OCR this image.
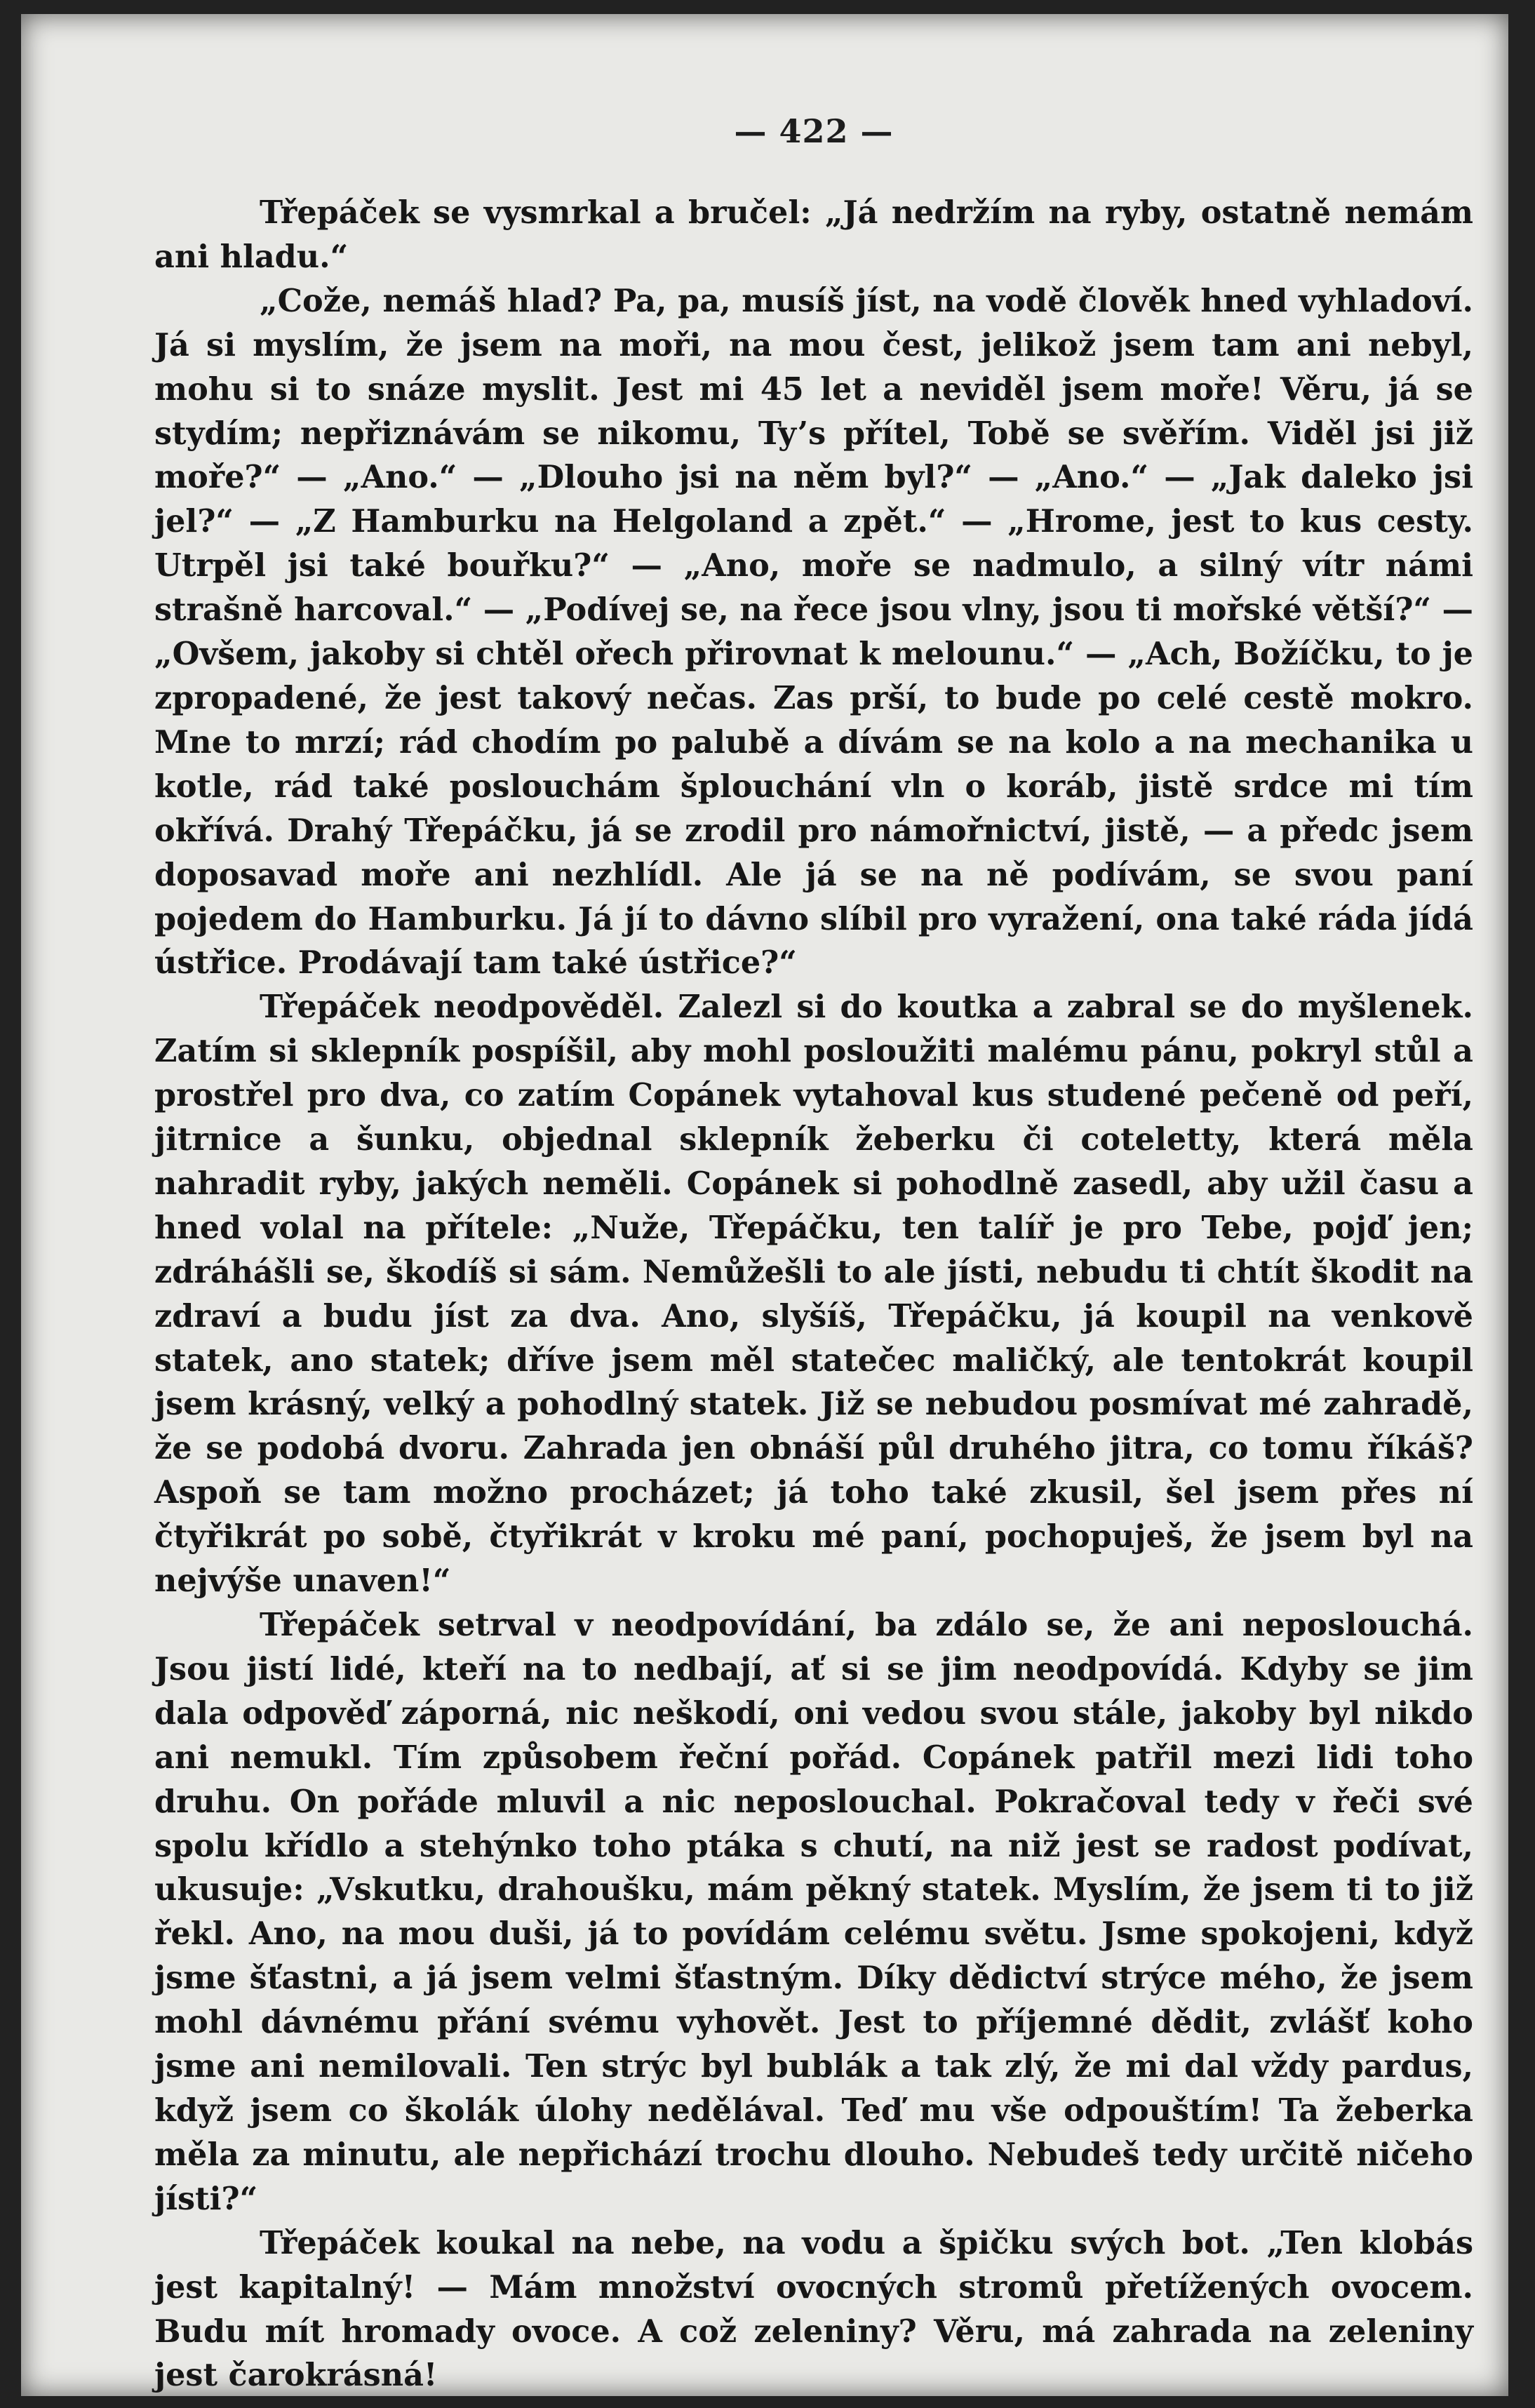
— 422 —

Třepáček se vysmrkal a bručel: „Já nedržím na ryby, ostatně nemám ani hladu.“

„Cože, nemáš hlad? Pa, pa, musíš jíst, na vodě člověk hned vyhladoví. Já si myslím, že jsem na moři, na mou čest, jelikož jsem tam ani nebyl, mohu si to snáze myslit. Jest mi 45 let a neviděl jsem moře! Věru, já se stydím; nepřiznávám se nikomu, Ty’s přítel, Tobě se svěřím. Viděl jsi již moře?“ — „Ano.“ — „Dlouho jsi na něm byl?“ — „Ano.“ — „Jak daleko jsi jel?“ — „Z Hamburku na Helgoland a zpět.“ — „Hrome, jest to kus cesty. Utrpěl jsi také bouřku?“ — „Ano, moře se nadmulo, a silný vítr námi strašně harcoval.“ — „Podívej se, na řece jsou vlny, jsou ti mořské větší?“ — „Ovšem, jakoby si chtěl ořech přirovnat k melounu.“ — „Ach, Božíčku, to je zpropadené, že jest takový nečas. Zas prší, to bude po celé cestě mokro. Mne to mrzí; rád chodím po palubě a dívám se na kolo a na mechanika u kotle, rád také poslouchám šplouchání vln o koráb, jistě srdce mi tím okřívá. Drahý Třepáčku, já se zrodil pro námořnictví, jistě, — a předc jsem doposavad moře ani nezhlídl. Ale já se na ně podívám, se svou paní pojedem do Hamburku. Já jí to dávno slíbil pro vyražení, ona také ráda jídá ústřice. Prodávají tam také ústřice?“

Třepáček neodpověděl. Zalezl si do koutka a zabral se do myšlenek. Zatím si sklepník pospíšil, aby mohl posloužiti malému pánu, pokryl stůl a prostřel pro dva, co zatím Copánek vytahoval kus studené pečeně od peří, jitrnice a šunku, objednal sklepník žeberku či coteletty, která měla nahradit ryby, jakých neměli. Copánek si pohodlně zasedl, aby užil času a hned volal na přítele: „Nuže, Třepáčku, ten talíř je pro Tebe, pojď jen; zdráhášli se, škodíš si sám. Nemůžešli to ale jísti, nebudu ti chtít škodit na zdraví a budu jíst za dva. Ano, slyšíš, Třepáčku, já koupil na venkově statek, ano statek; dříve jsem měl statečec maličký, ale tentokrát koupil jsem krásný, velký a pohodlný statek. Již se nebudou posmívat mé zahradě, že se podobá dvoru. Zahrada jen obnáší půl druhého jitra, co tomu říkáš? Aspoň se tam možno procházet; já toho také zkusil, šel jsem přes ní čtyřikrát po sobě, čtyřikrát v kroku mé paní, pochopuješ, že jsem byl na nejvýše unaven!“

Třepáček setrval v neodpovídání, ba zdálo se, že ani neposlouchá. Jsou jistí lidé, kteří na to nedbají, ať si se jim neodpovídá. Kdyby se jim dala odpověď záporná, nic neškodí, oni vedou svou stále, jakoby byl nikdo ani nemukl. Tím způsobem řeční pořád. Copánek patřil mezi lidi toho druhu. On pořáde mluvil a nic neposlouchal. Pokračoval tedy v řeči své spolu křídlo a stehýnko toho ptáka s chutí, na niž jest se radost podívat, ukusuje: „Vskutku, drahoušku, mám pěkný statek. Myslím, že jsem ti to již řekl. Ano, na mou duši, já to povídám celému světu. Jsme spokojeni, když jsme šťastni, a já jsem velmi šťastným. Díky dědictví strýce mého, že jsem mohl dávnému přání svému vyhovět. Jest to příjemné dědit, zvlášť koho jsme ani nemilovali. Ten strýc byl bublák a tak zlý, že mi dal vždy pardus, když jsem co školák úlohy nedělával. Teď mu vše odpouštím! Ta žeberka měla za minutu, ale nepřichází trochu dlouho. Nebudeš tedy určitě ničeho jísti?“

Třepáček koukal na nebe, na vodu a špičku svých bot. „Ten klobás jest kapitalný! — Mám množství ovocných stromů přetížených ovocem. Budu mít hromady ovoce. A což zeleniny? Věru, má zahrada na zeleniny jest čarokrásná!
